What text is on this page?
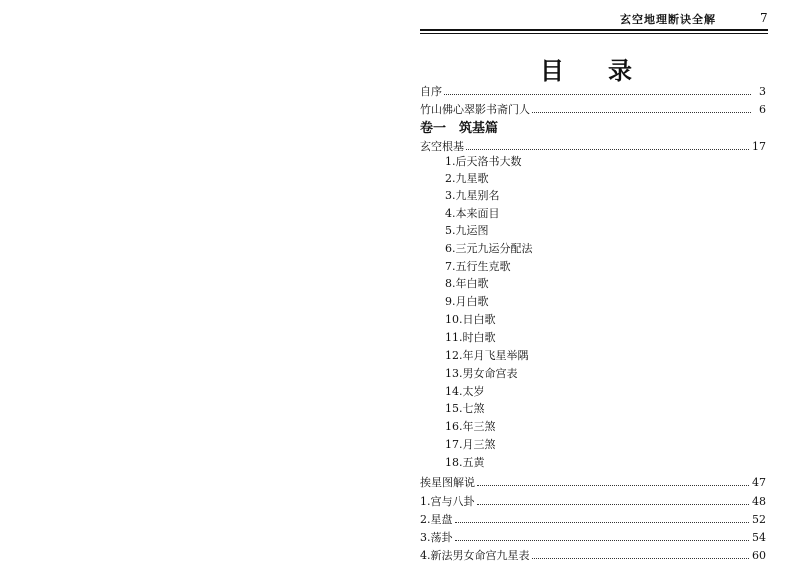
玄空地理断诀全解	7
目录
自序	3
竹山佛心翠影书斋门人	6
卷一　筑基篇
玄空根基	17
1.后天洛书大数
2.九星歌
3.九星别名
4.本来面目
5.九运图
6.三元九运分配法
7.五行生克歌
8.年白歌
9.月白歌
10.日白歌
11.时白歌
12.年月飞星举隅
13.男女命宫表
14.太岁
15.七煞
16.年三煞
17.月三煞
18.五黄
挨星图解说	47
1.宫与八卦	48
2.星盘	52
3.荡卦	54
4.新法男女命宫九星表	60
